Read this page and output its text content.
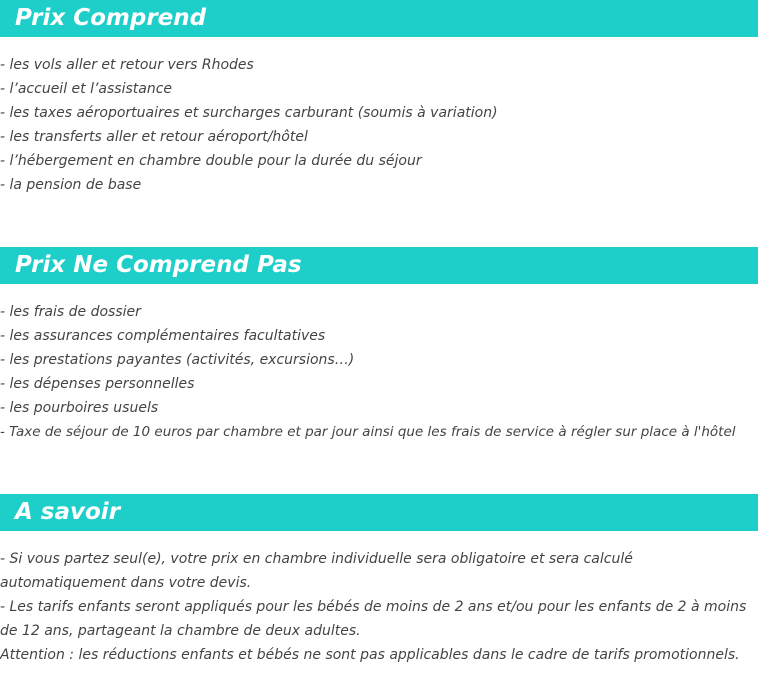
Prix Comprend
- les vols aller et retour vers Rhodes
- l’accueil et l’assistance
- les taxes aéroportuaires et surcharges carburant (soumis à variation)
- les transferts aller et retour aéroport/hôtel
- l’hébergement en chambre double pour la durée du séjour
- la pension de base
Prix Ne Comprend Pas
- les frais de dossier
- les assurances complémentaires facultatives
- les prestations payantes (activités, excursions…)
- les dépenses personnelles
- les pourboires usuels
- Taxe de séjour de 10 euros par chambre et par jour ainsi que les frais de service à régler sur place à l'hôtel
A savoir
- Si vous partez seul(e), votre prix en chambre individuelle sera obligatoire et sera calculé automatiquement dans votre devis.
- Les tarifs enfants seront appliqués pour les bébés de moins de 2 ans et/ou pour les enfants de 2 à moins de 12 ans, partageant la chambre de deux adultes.
Attention : les réductions enfants et bébés ne sont pas applicables dans le cadre de tarifs promotionnels.
